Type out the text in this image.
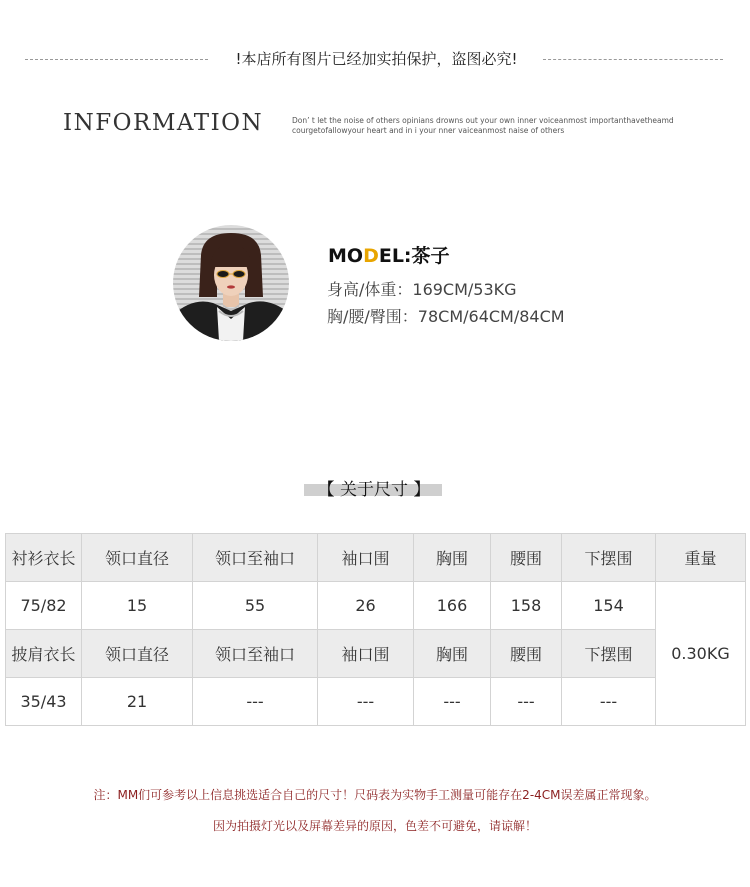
!本店所有图片已经加实拍保护，盗图必究!
INFORMATION	Don’ t let the noise of others opinians drowns out your own inner voiceanmost importanthavetheamd
courgetofallowyour heart and in i your nner vaiceanmost naise of others
MODEL:茶子
身高/体重：169CM/53KG
胸/腰/臀围：78CM/64CM/84CM
【 关于尺寸 】
衬衫衣长	领口直径	领口至袖口	袖口围	胸围	腰围	下摆围	重量
75/82	15	55	26	166	158	154	0.30KG
披肩衣长	领口直径	领口至袖口	袖口围	胸围	腰围	下摆围	
35/43	21	---	---	---	---	---	
注：MM们可参考以上信息挑选适合自己的尺寸！尺码表为实物手工测量可能存在2-4CM误差属正常现象。
因为拍摄灯光以及屏幕差异的原因，色差不可避免，请谅解！
